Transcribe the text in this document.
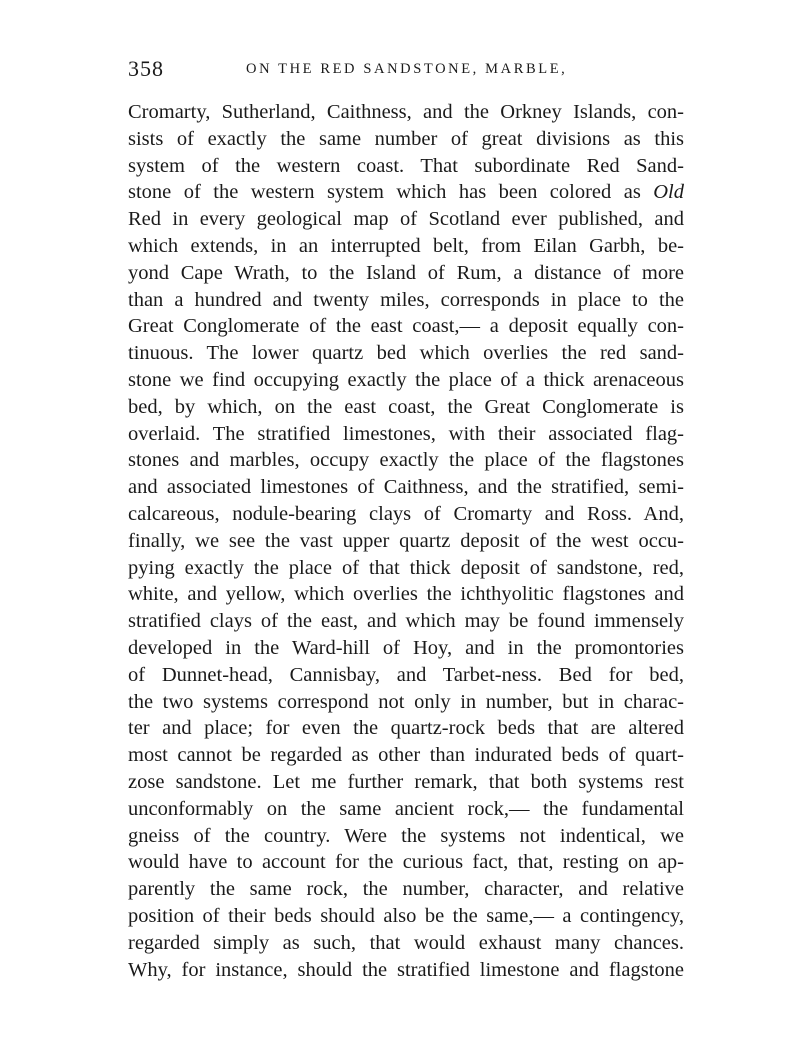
358	ON THE RED SANDSTONE, MARBLE,
Cromarty, Sutherland, Caithness, and the Orkney Islands, con-
sists of exactly the same number of great divisions as this
system of the western coast. That subordinate Red Sand-
stone of the western system which has been colored as Old
Red in every geological map of Scotland ever published, and
which extends, in an interrupted belt, from Eilan Garbh, be-
yond Cape Wrath, to the Island of Rum, a distance of more
than a hundred and twenty miles, corresponds in place to the
Great Conglomerate of the east coast,— a deposit equally con-
tinuous. The lower quartz bed which overlies the red sand-
stone we find occupying exactly the place of a thick arenaceous
bed, by which, on the east coast, the Great Conglomerate is
overlaid. The stratified limestones, with their associated flag-
stones and marbles, occupy exactly the place of the flagstones
and associated limestones of Caithness, and the stratified, semi-
calcareous, nodule-bearing clays of Cromarty and Ross. And,
finally, we see the vast upper quartz deposit of the west occu-
pying exactly the place of that thick deposit of sandstone, red,
white, and yellow, which overlies the ichthyolitic flagstones and
stratified clays of the east, and which may be found immensely
developed in the Ward-hill of Hoy, and in the promontories
of Dunnet-head, Cannisbay, and Tarbet-ness. Bed for bed,
the two systems correspond not only in number, but in charac-
ter and place; for even the quartz-rock beds that are altered
most cannot be regarded as other than indurated beds of quart-
zose sandstone. Let me further remark, that both systems rest
unconformably on the same ancient rock,— the fundamental
gneiss of the country. Were the systems not indentical, we
would have to account for the curious fact, that, resting on ap-
parently the same rock, the number, character, and relative
position of their beds should also be the same,— a contingency,
regarded simply as such, that would exhaust many chances.
Why, for instance, should the stratified limestone and flagstone
